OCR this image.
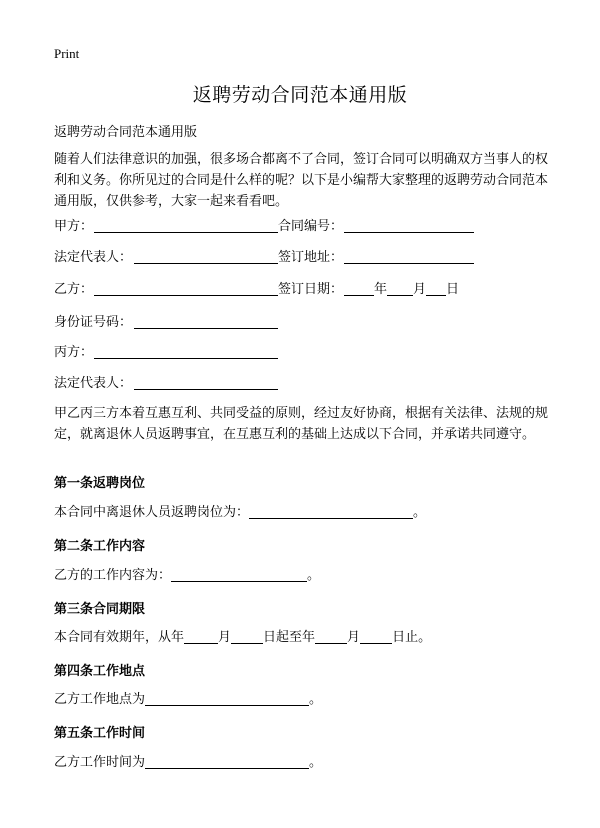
Print
返聘劳动合同范本通用版
返聘劳动合同范本通用版
随着人们法律意识的加强，很多场合都离不了合同，签订合同可以明确双方当事人的权利和义务。你所见过的合同是什么样的呢？以下是小编帮大家整理的返聘劳动合同范本通用版，仅供参考，大家一起来看看吧。
甲方：	合同编号：
法定代表人：	签订地址：
乙方：	签订日期： 年 月 日
身份证号码：
丙方：
法定代表人：
甲乙丙三方本着互惠互利、共同受益的原则，经过友好协商，根据有关法律、法规的规定，就离退休人员返聘事宜，在互惠互利的基础上达成以下合同，并承诺共同遵守。
第一条返聘岗位
本合同中离退休人员返聘岗位为：	。
第二条工作内容
乙方的工作内容为：	。
第三条合同期限
本合同有效期年，从年	月 日起至年 月 日止。
第四条工作地点
乙方工作地点为	。
第五条工作时间
乙方工作时间为	。
